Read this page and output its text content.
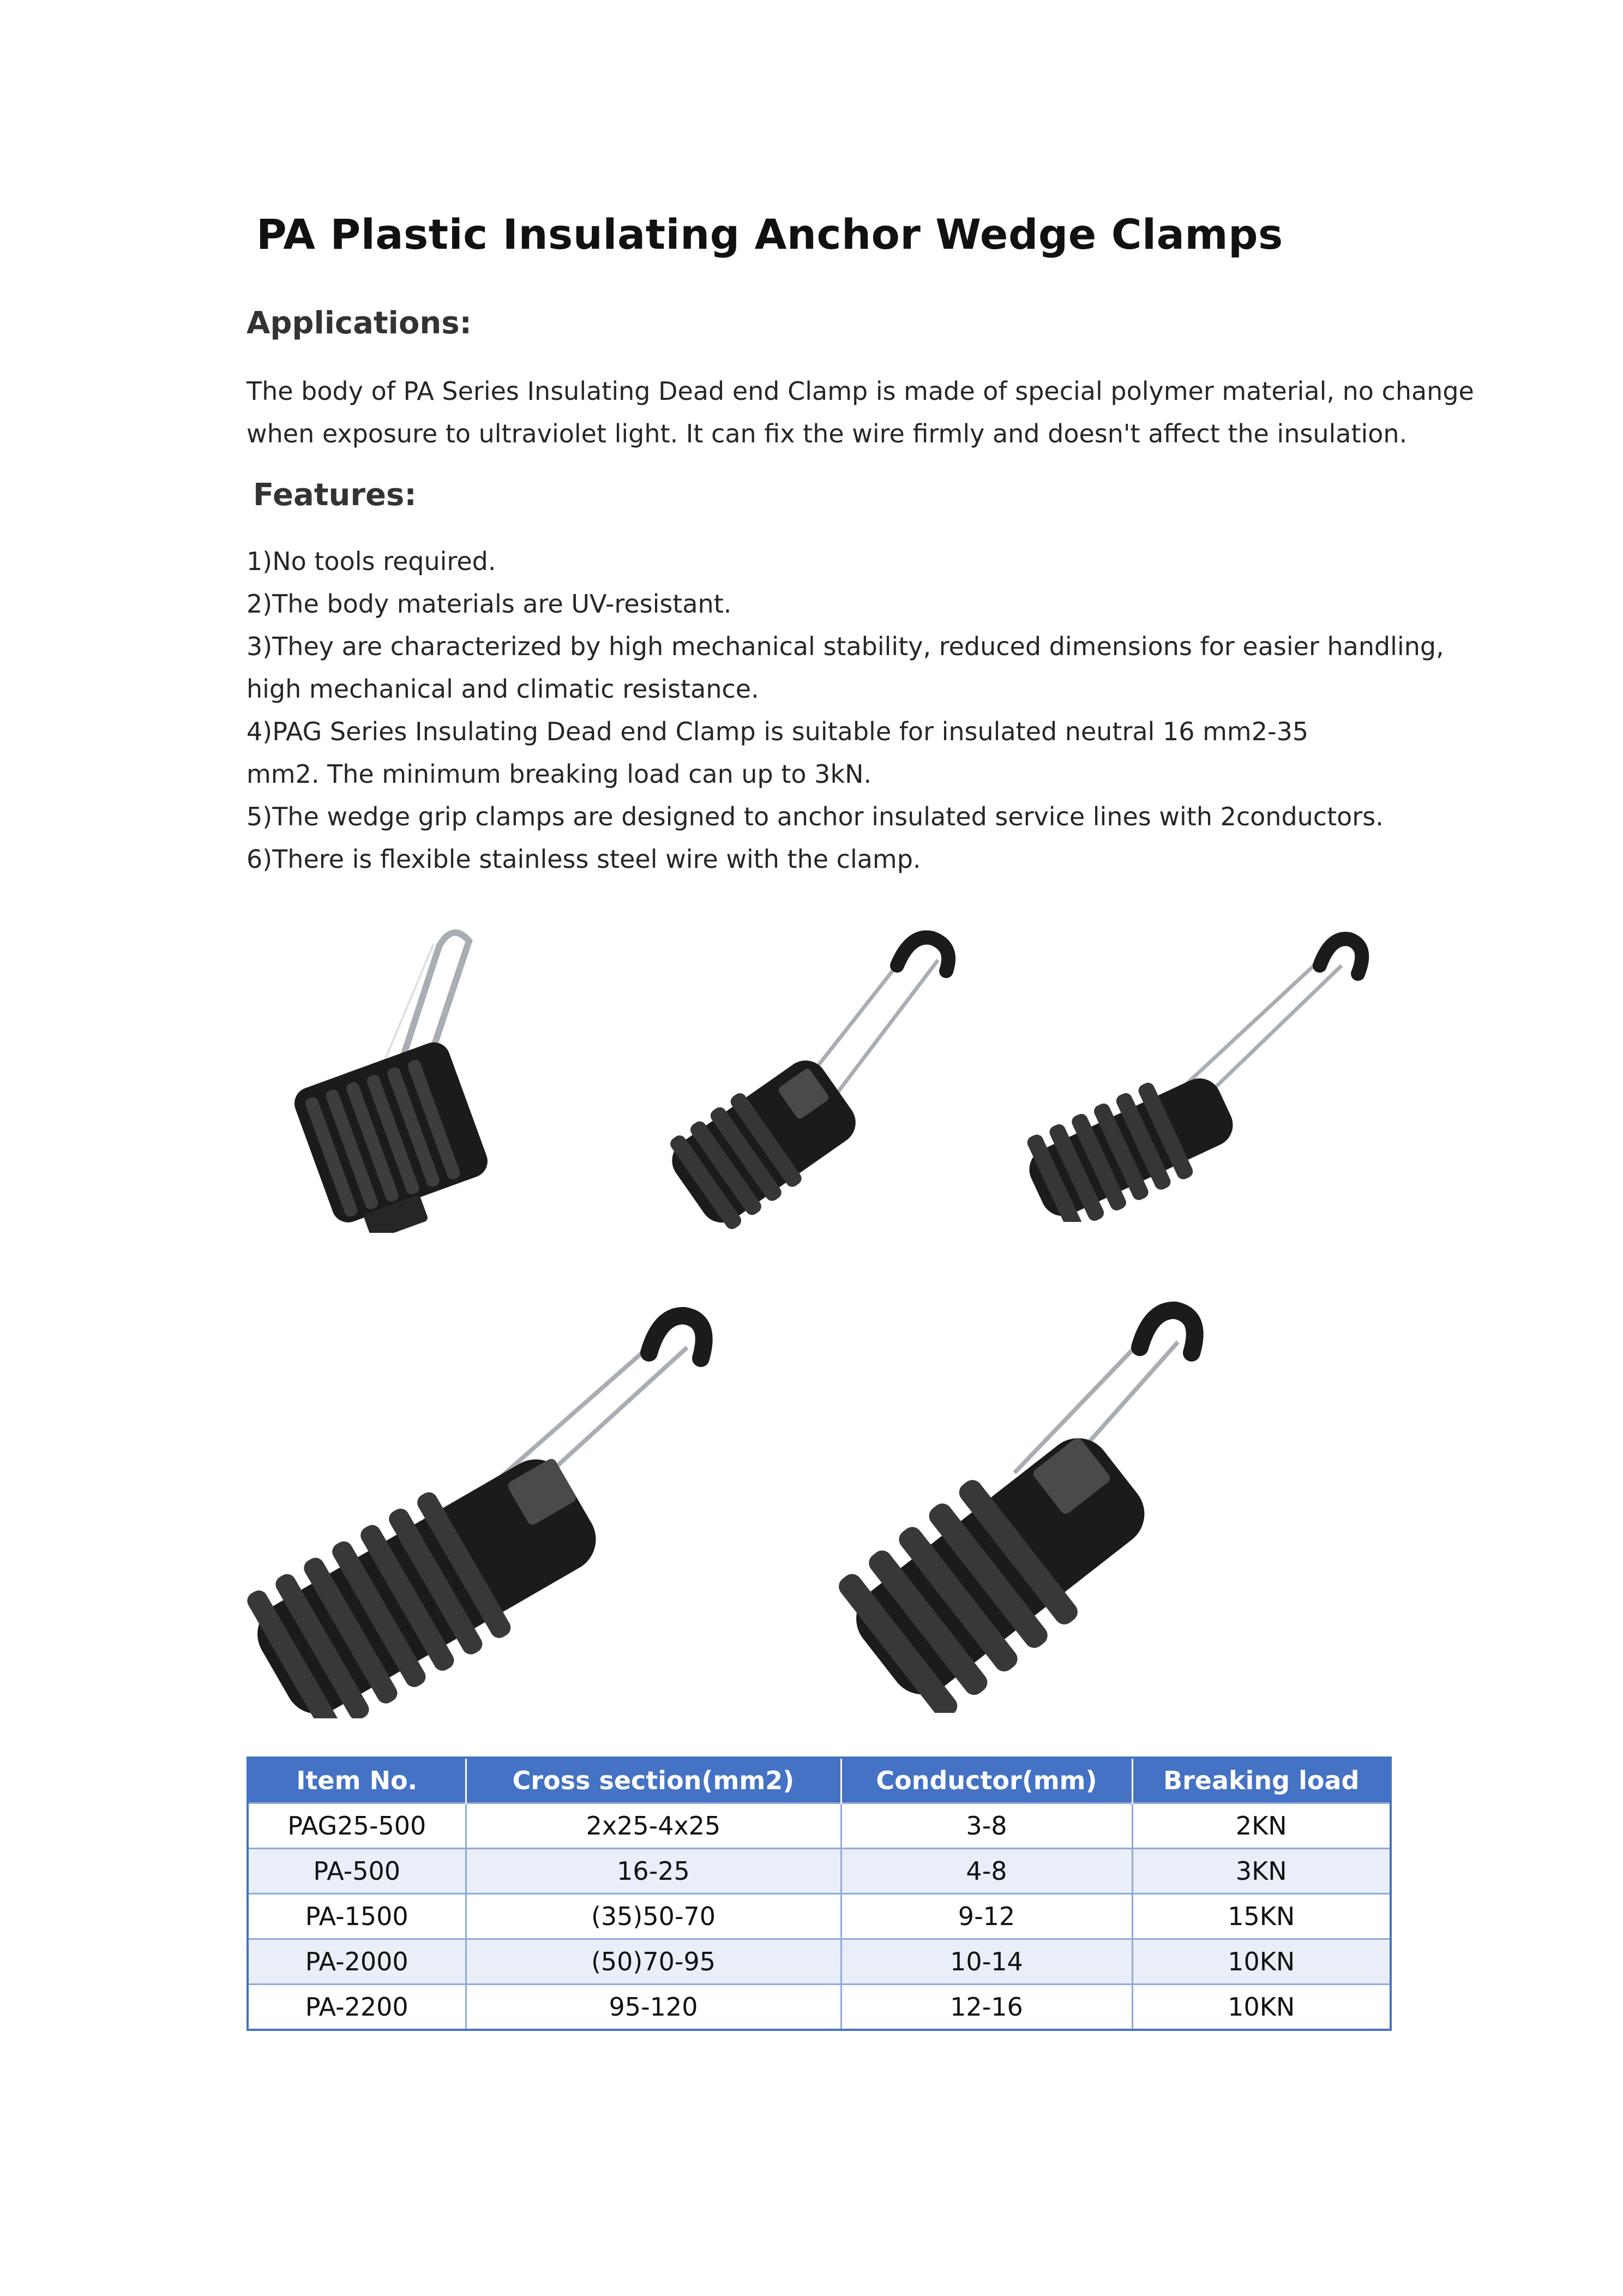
PA Plastic Insulating Anchor Wedge Clamps
Applications:
The body of PA Series Insulating Dead end Clamp is made of special polymer material, no change
when exposure to ultraviolet light. It can fix the wire firmly and doesn't affect the insulation.
Features:
1)No tools required.
2)The body materials are UV-resistant.
3)They are characterized by high mechanical stability, reduced dimensions for easier handling,
high mechanical and climatic resistance.
4)PAG Series Insulating Dead end Clamp is suitable for insulated neutral 16 mm2-35
mm2. The minimum breaking load can up to 3kN.
5)The wedge grip clamps are designed to anchor insulated service lines with 2conductors.
6)There is flexible stainless steel wire with the clamp.
Item No.	Cross section(mm2)	Conductor(mm)	Breaking load
PAG25-500	2x25-4x25	3-8	2KN
PA-500	16-25	4-8	3KN
PA-1500	(35)50-70	9-12	15KN
PA-2000	(50)70-95	10-14	10KN
PA-2200	95-120	12-16	10KN
